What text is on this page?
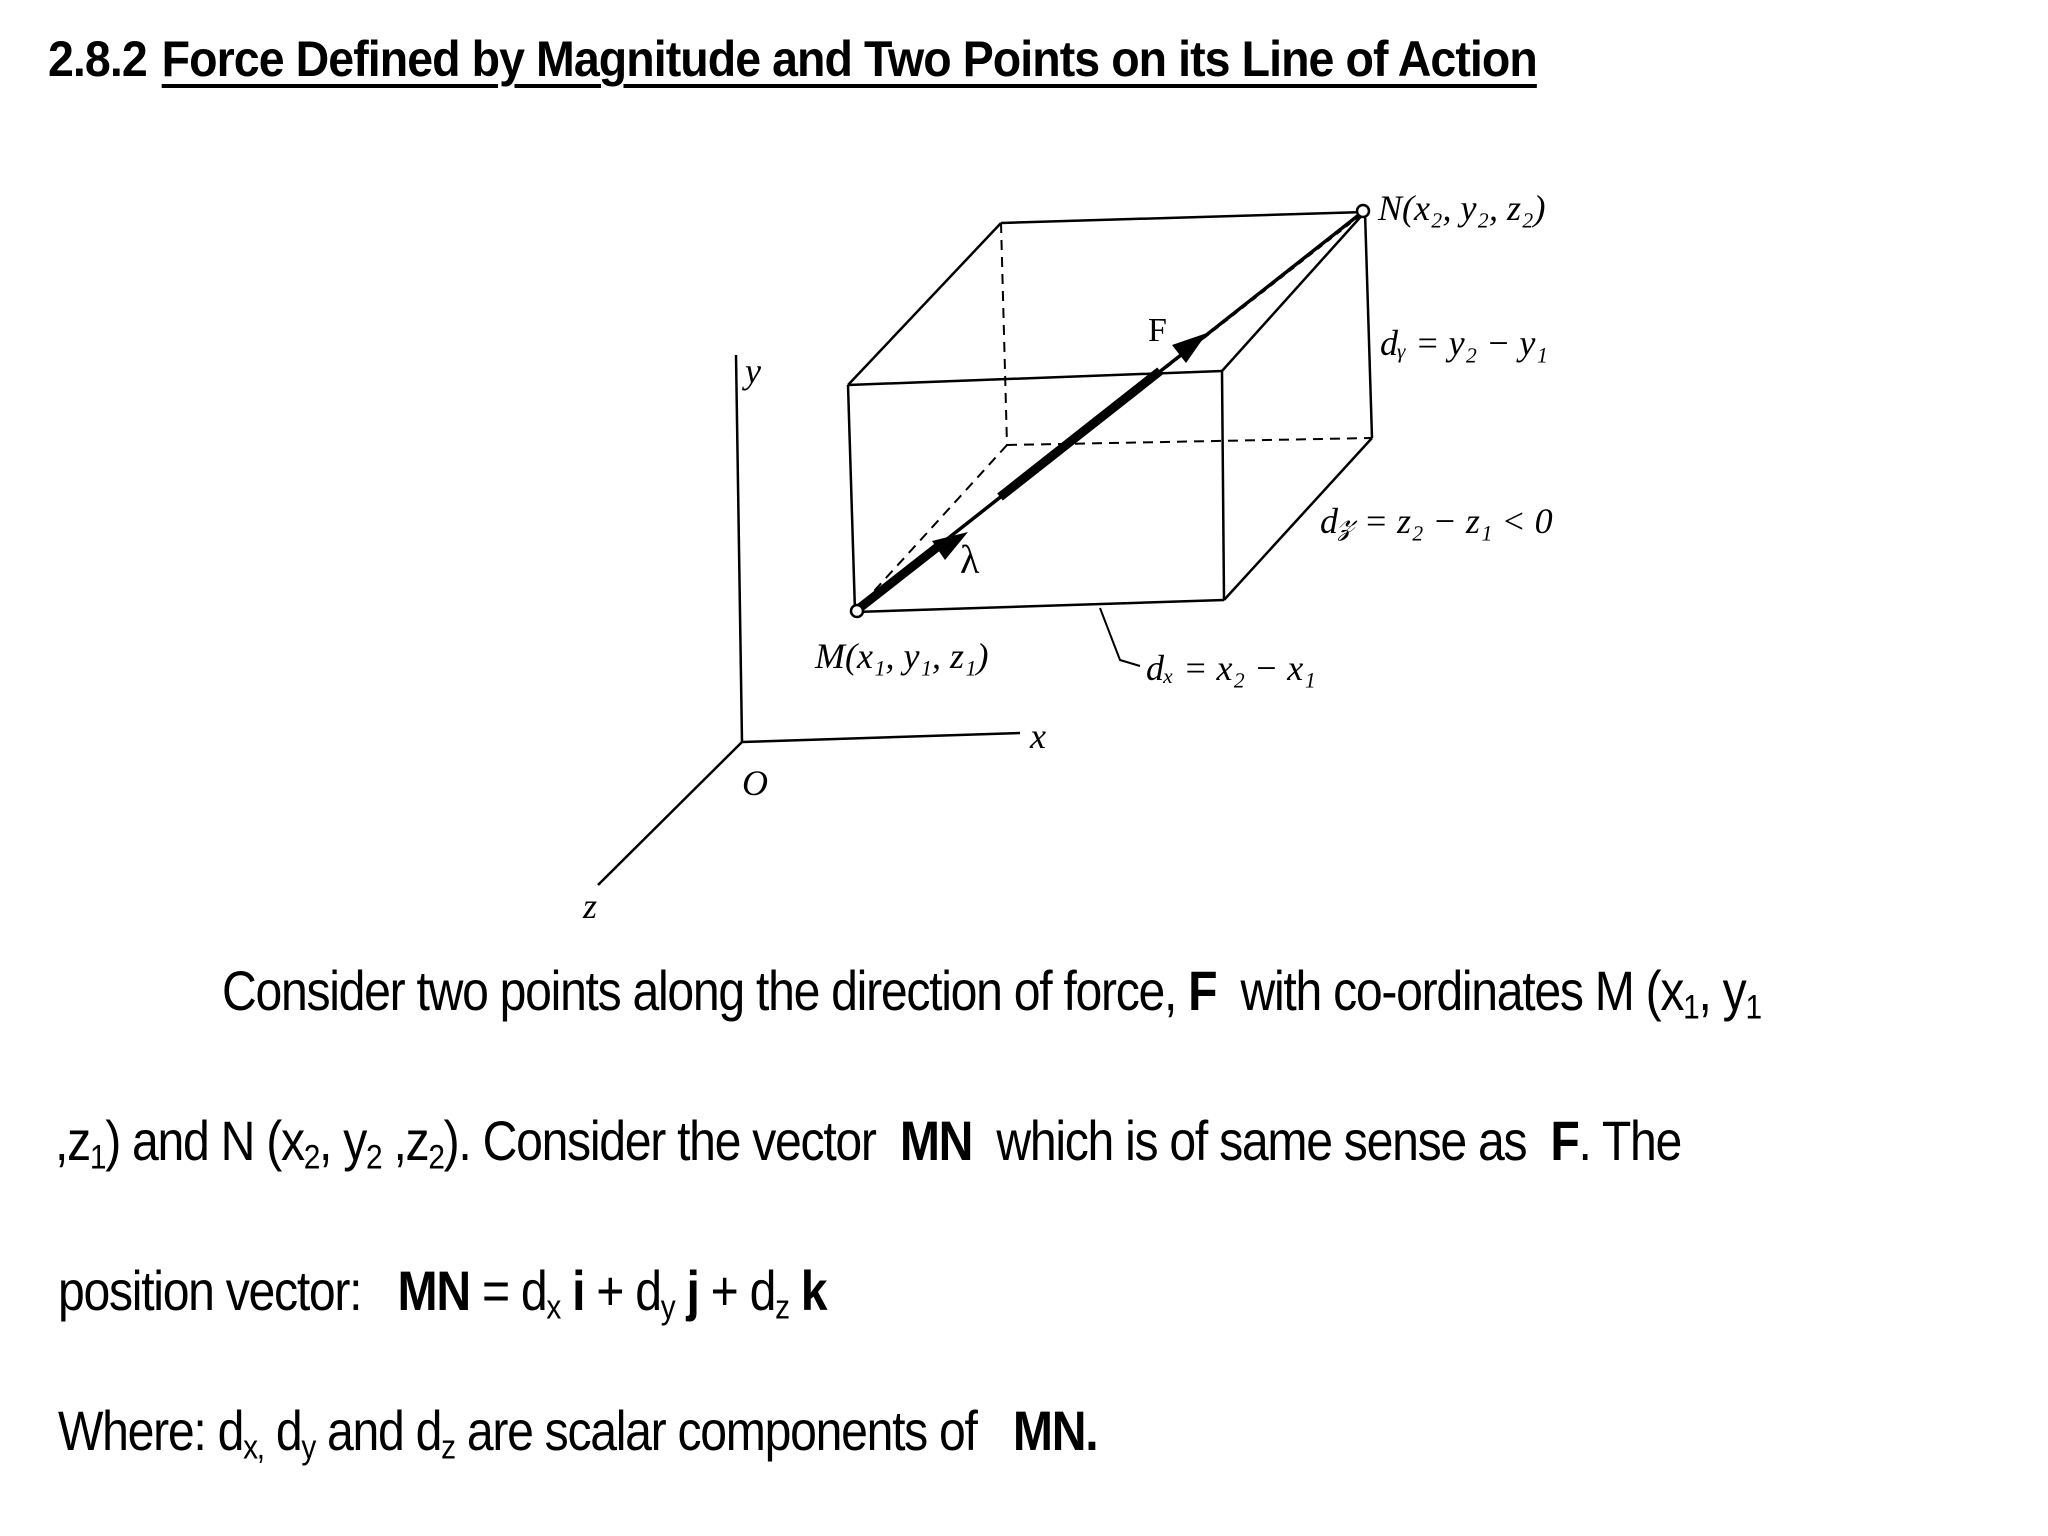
2.8.2 Force Defined by Magnitude and Two Points on its Line of Action
N(x₂, y₂, z₂)
M(x₁, y₁, z₁)
F
λ
dᵧ = y₂ − y₁
d𝓏 = z₂ − z₁ < 0
dₓ = x₂ − x₁
y
x
z
O
Consider two points along the direction of force, F with co-ordinates M ($x_1$, $y_1$
$,z_1$) and N ($x_2$, $y_2$ $,z_2$). Consider the vector MN which is of same sense as F. The
position vector: MN = $d_x$ $i + d_y$ $j + d_z$ k
Where: $d_{x,}$ $d_y$ and $d_z$ are scalar components of MN.
